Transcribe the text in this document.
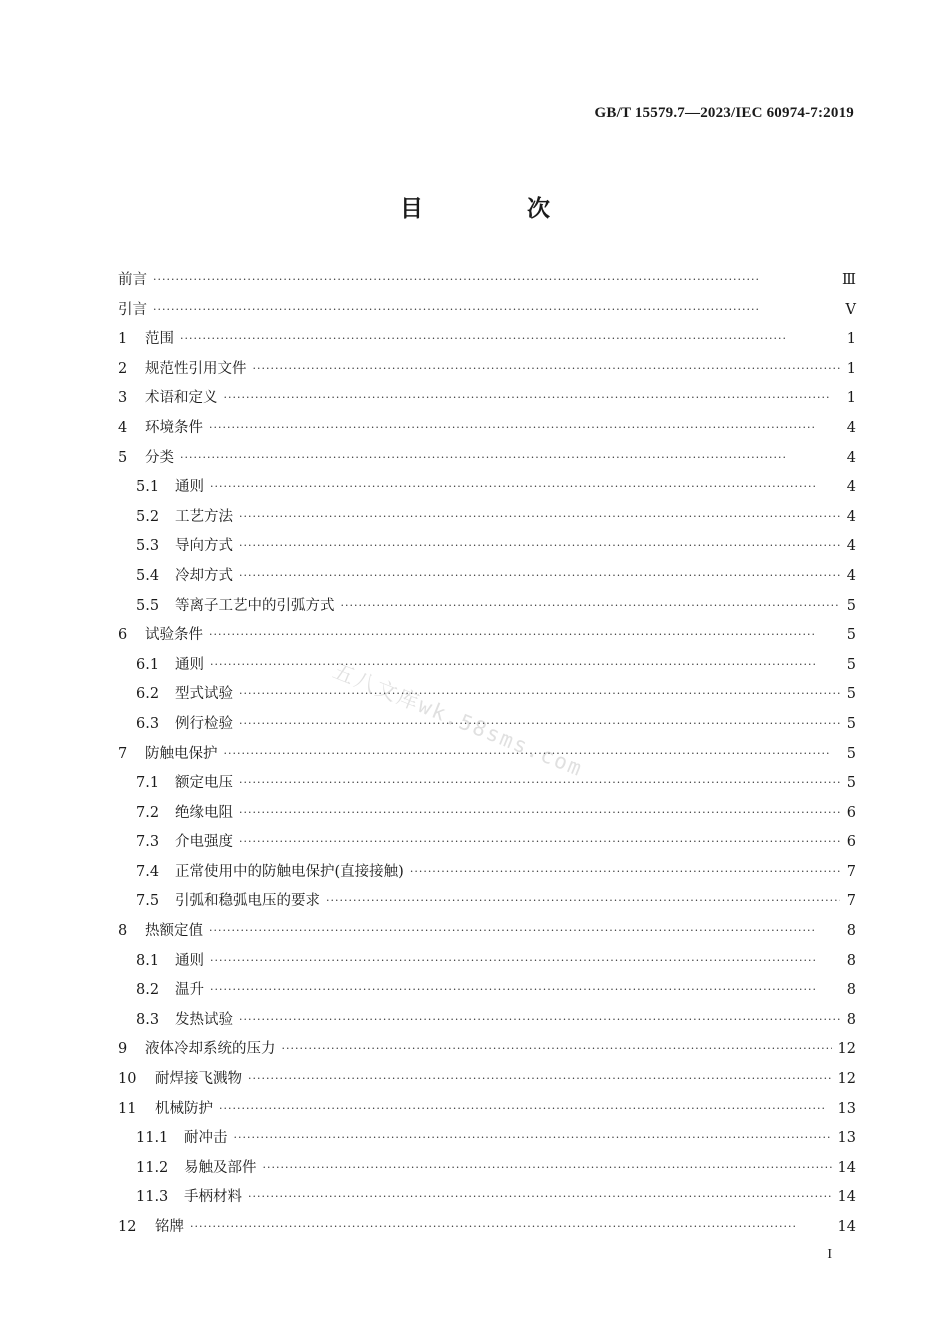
GB/T 15579.7—2023/IEC 60974-7:2019
目 次
五八文库wk.58sms.com
前言 ·····	Ⅲ
引言 ·····	Ⅴ
1	范围 ·····	1
2	规范性引用文件 ·····	1
3	术语和定义 ·····	1
4	环境条件 ·····	4
5	分类 ·····	4
5.1	通则 ·····	4
5.2	工艺方法 ·····	4
5.3	导向方式 ·····	4
5.4	冷却方式 ·····	4
5.5	等离子工艺中的引弧方式 ·····	5
6	试验条件 ·····	5
6.1	通则 ·····	5
6.2	型式试验 ·····	5
6.3	例行检验 ·····	5
7	防触电保护 ·····	5
7.1	额定电压 ·····	5
7.2	绝缘电阻 ·····	6
7.3	介电强度 ·····	6
7.4	正常使用中的防触电保护(直接接触) ·····	7
7.5	引弧和稳弧电压的要求 ·····	7
8	热额定值 ·····	8
8.1	通则 ·····	8
8.2	温升 ·····	8
8.3	发热试验 ·····	8
9	液体冷却系统的压力 ·····	12
10	耐焊接飞溅物 ·····	12
11	机械防护 ·····	13
11.1	耐冲击 ·····	13
11.2	易触及部件 ·····	14
11.3	手柄材料 ·····	14
12	铭牌 ·····	14
I
